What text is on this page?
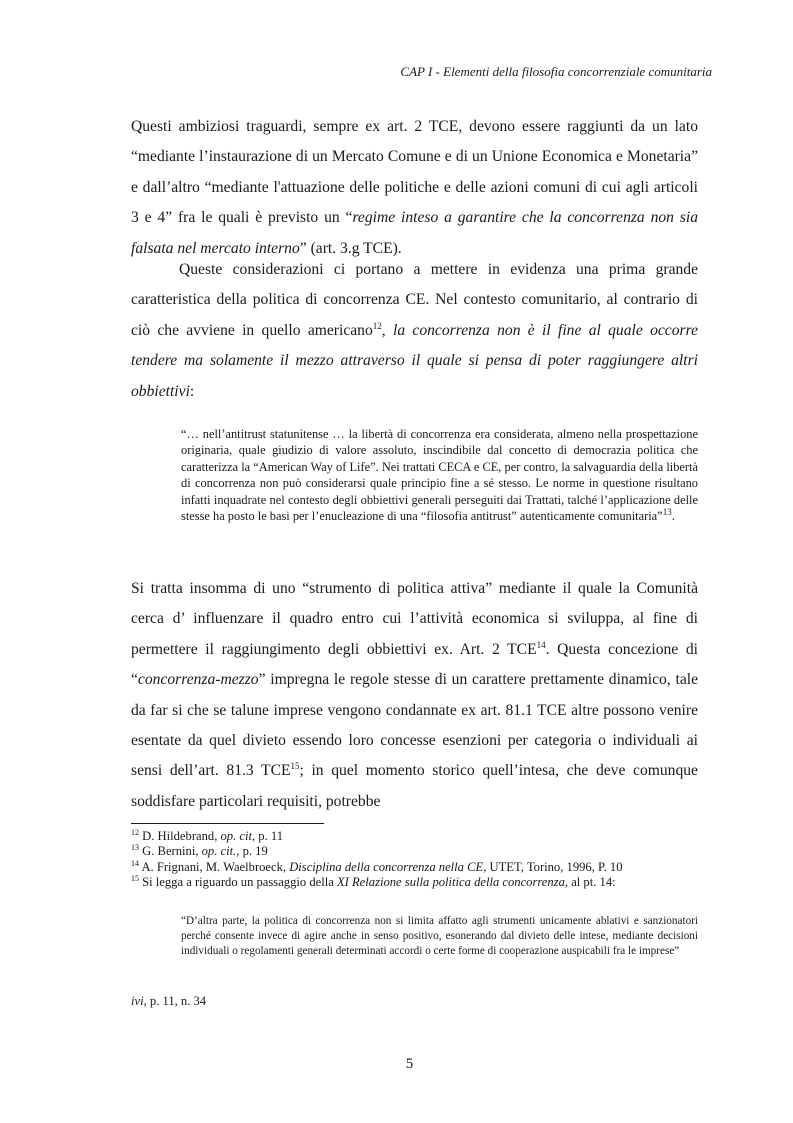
CAP I - Elementi della filosofia concorrenziale comunitaria
Questi ambiziosi traguardi, sempre ex art. 2 TCE, devono essere raggiunti da un lato “mediante l’instaurazione di un Mercato Comune e di un Unione Economica e Monetaria” e dall’altro “mediante l'attuazione delle politiche e delle azioni comuni di cui agli articoli 3 e 4” fra le quali è previsto un “regime inteso a garantire che la concorrenza non sia falsata nel mercato interno” (art. 3.g TCE).
Queste considerazioni ci portano a mettere in evidenza una prima grande caratteristica della politica di concorrenza CE. Nel contesto comunitario, al contrario di ciò che avviene in quello americano$^{12}$, la concorrenza non è il fine al quale occorre tendere ma solamente il mezzo attraverso il quale si pensa di poter raggiungere altri obbiettivi:
“… nell’antitrust statunitense … la libertà di concorrenza era considerata, almeno nella prospettazione originaria, quale giudizio di valore assoluto, inscindibile dal concetto di democrazia politica che caratterizza la “American Way of Life”. Nei trattati CECA e CE, per contro, la salvaguardia della libertà di concorrenza non può considerarsi quale principio fine a sé stesso. Le norme in questione risultano infatti inquadrate nel contesto degli obbiettivi generali perseguiti dai Trattati, talché l’applicazione delle stesse ha posto le basi per l’enucleazione di una “filosofia antitrust” autenticamente comunitaria”$^{13}$.
Si tratta insomma di uno “strumento di politica attiva” mediante il quale la Comunità cerca d’ influenzare il quadro entro cui l’attività economica si sviluppa, al fine di permettere il raggiungimento degli obbiettivi ex. Art. 2 TCE$^{14}$. Questa concezione di “concorrenza-mezzo” impregna le regole stesse di un carattere prettamente dinamico, tale da far si che se talune imprese vengono condannate ex art. 81.1 TCE altre possono venire esentate da quel divieto essendo loro concesse esenzioni per categoria o individuali ai sensi dell’art. 81.3 TCE$^{15}$; in quel momento storico quell’intesa, che deve comunque soddisfare particolari requisiti, potrebbe
$^{12}$ D. Hildebrand, op. cit, p. 11
$^{13}$ G. Bernini, op. cit., p. 19
$^{14}$ A. Frignani, M. Waelbroeck, Disciplina della concorrenza nella CE, UTET, Torino, 1996, P. 10
$^{15}$ Si legga a riguardo un passaggio della XI Relazione sulla politica della concorrenza, al pt. 14:
“D’altra parte, la politica di concorrenza non si limita affatto agli strumenti unicamente ablativi e sanzionatori perché consente invece di agire anche in senso positivo, esonerando dal divieto delle intese, mediante decisioni individuali o regolamenti generali determinati accordi o certe forme di cooperazione auspicabili fra le imprese”
ivi, p. 11, n. 34
5
